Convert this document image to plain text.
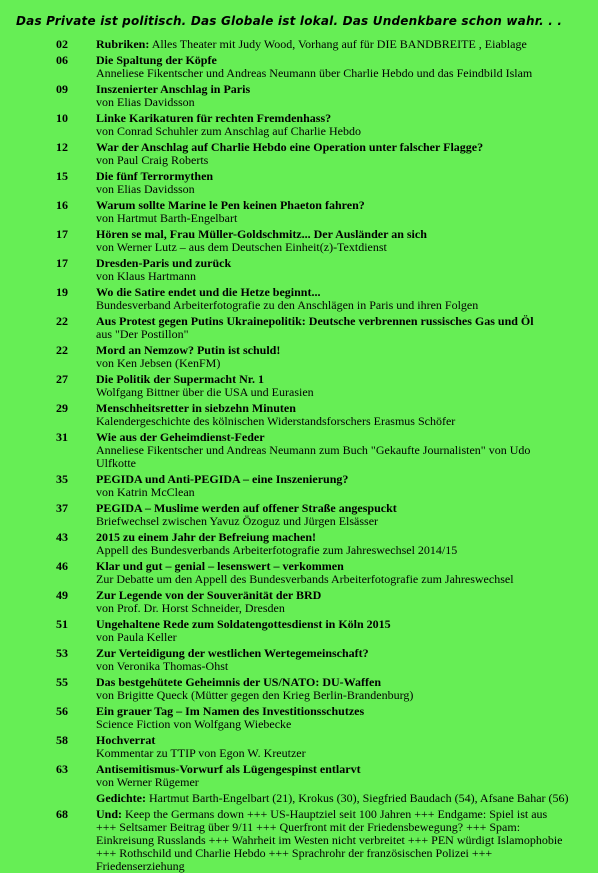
Das Private ist politisch. Das Globale ist lokal. Das Undenkbare schon wahr. . .
02	Rubriken: Alles Theater mit Judy Wood, Vorhang auf für DIE BANDBREITE , Eiablage
06	Die Spaltung der Köpfe
Anneliese Fikentscher und Andreas Neumann über Charlie Hebdo und das Feindbild Islam
09	Inszenierter Anschlag in Paris
von Elias Davidsson
10	Linke Karikaturen für rechten Fremdenhass?
von Conrad Schuhler zum Anschlag auf Charlie Hebdo
12	War der Anschlag auf Charlie Hebdo eine Operation unter falscher Flagge?
von Paul Craig Roberts
15	Die fünf Terrormythen
von Elias Davidsson
16	Warum sollte Marine le Pen keinen Phaeton fahren?
von Hartmut Barth-Engelbart
17	Hören se mal, Frau Müller-Goldschmitz... Der Ausländer an sich
von Werner Lutz – aus dem Deutschen Einheit(z)-Textdienst
17	Dresden-Paris und zurück
von Klaus Hartmann
19	Wo die Satire endet und die Hetze beginnt...
Bundesverband Arbeiterfotografie zu den Anschlägen in Paris und ihren Folgen
22	Aus Protest gegen Putins Ukrainepolitik: Deutsche verbrennen russisches Gas und Öl
aus "Der Postillon"
22	Mord an Nemzow? Putin ist schuld!
von Ken Jebsen (KenFM)
27	Die Politik der Supermacht Nr. 1
Wolfgang Bittner über die USA und Eurasien
29	Menschheitsretter in siebzehn Minuten
Kalendergeschichte des kölnischen Widerstandsforschers Erasmus Schöfer
31	Wie aus der Geheimdienst-Feder
Anneliese Fikentscher und Andreas Neumann zum Buch "Gekaufte Journalisten" von Udo Ulfkotte
35	PEGIDA und Anti-PEGIDA – eine Inszenierung?
von Katrin McClean
37	PEGIDA – Muslime werden auf offener Straße angespuckt
Briefwechsel zwischen Yavuz Özoguz und Jürgen Elsässer
43	2015 zu einem Jahr der Befreiung machen!
Appell des Bundesverbands Arbeiterfotografie zum Jahreswechsel 2014/15
46	Klar und gut – genial – lesenswert – verkommen
Zur Debatte um den Appell des Bundesverbands Arbeiterfotografie zum Jahreswechsel
49	Zur Legende von der Souveränität der BRD
von Prof. Dr. Horst Schneider, Dresden
51	Ungehaltene Rede zum Soldatengottesdienst in Köln 2015
von Paula Keller
53	Zur Verteidigung der westlichen Wertegemeinschaft?
von Veronika Thomas-Ohst
55	Das bestgehütete Geheimnis der US/NATO: DU-Waffen
von Brigitte Queck (Mütter gegen den Krieg Berlin-Brandenburg)
56	Ein grauer Tag – Im Namen des Investitionsschutzes
Science Fiction von Wolfgang Wiebecke
58	Hochverrat
Kommentar zu TTIP von Egon W. Kreutzer
63	Antisemitismus-Vorwurf als Lügengespinst entlarvt
von Werner Rügemer
Gedichte: Hartmut Barth-Engelbart (21), Krokus (30), Siegfried Baudach (54), Afsane Bahar (56)
68	Und: Keep the Germans down +++ US-Hauptziel seit 100 Jahren +++ Endgame: Spiel ist aus +++ Seltsamer Beitrag über 9/11 +++ Querfront mit der Friedensbewegung? +++ Spam: Einkreisung Russlands +++ Wahrheit im Westen nicht verbreitet +++ PEN würdigt Islamophobie +++ Rothschild und Charlie Hebdo +++ Sprachrohr der französischen Polizei +++ Friedenserziehung
